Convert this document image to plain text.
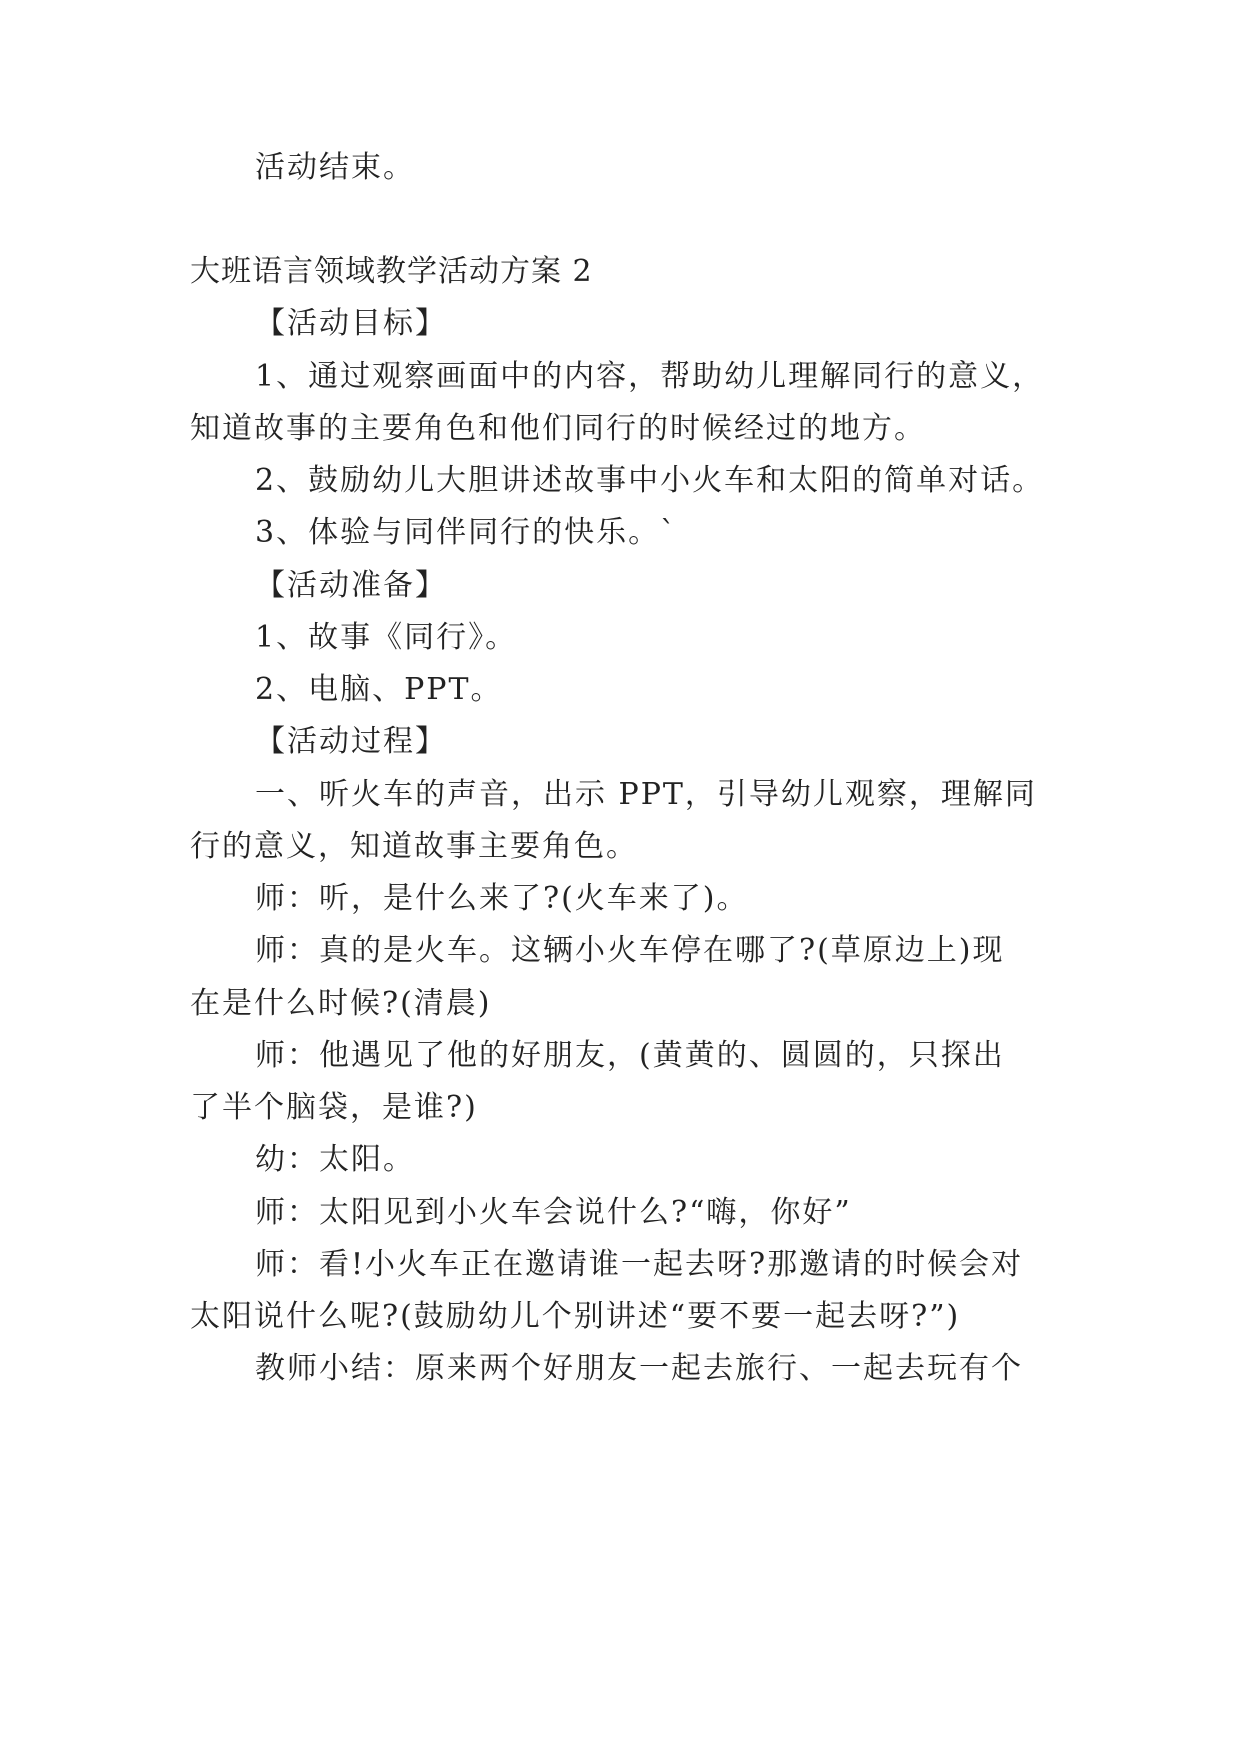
活动结束。
大班语言领域教学活动方案 2
【活动目标】
1、通过观察画面中的内容，帮助幼儿理解同行的意义，
知道故事的主要角色和他们同行的时候经过的地方。
2、鼓励幼儿大胆讲述故事中小火车和太阳的简单对话。
3、体验与同伴同行的快乐。`
【活动准备】
1、故事《同行》。
2、电脑、PPT。
【活动过程】
一、听火车的声音，出示 PPT，引导幼儿观察，理解同
行的意义，知道故事主要角色。
师：听，是什么来了?(火车来了)。
师：真的是火车。这辆小火车停在哪了?(草原边上)现
在是什么时候?(清晨)
师：他遇见了他的好朋友，(黄黄的、圆圆的，只探出
了半个脑袋，是谁?)
幼：太阳。
师：太阳见到小火车会说什么?“嗨，你好”
师：看!小火车正在邀请谁一起去呀?那邀请的时候会对
太阳说什么呢?(鼓励幼儿个别讲述“要不要一起去呀?”)
教师小结：原来两个好朋友一起去旅行、一起去玩有个
